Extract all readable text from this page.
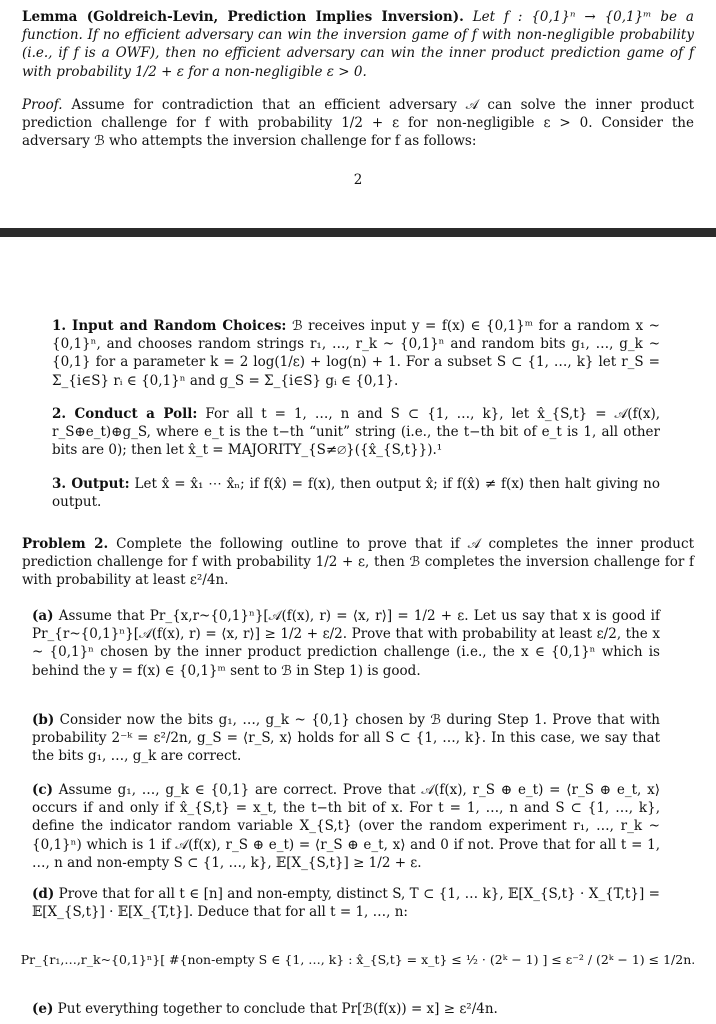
Lemma (Goldreich-Levin, Prediction Implies Inversion). Let f : {0,1}ⁿ → {0,1}ᵐ be a function. If no efficient adversary can win the inversion game of f with non-negligible probability (i.e., if f is a OWF), then no efficient adversary can win the inner product prediction game of f with probability 1/2 + ε for a non-negligible ε > 0.

Proof. Assume for contradiction that an efficient adversary 𝒜 can solve the inner product prediction challenge for f with probability 1/2 + ε for non-negligible ε > 0. Consider the adversary ℬ who attempts the inversion challenge for f as follows:

2

1. Input and Random Choices: ℬ receives input y = f(x) ∈ {0,1}ᵐ for a random x ~ {0,1}ⁿ, and chooses random strings r₁, …, r_k ~ {0,1}ⁿ and random bits g₁, …, g_k ~ {0,1} for a parameter k = 2 log(1/ε) + log(n) + 1. For a subset S ⊂ {1, …, k} let r_S = Σ_{i∈S} rᵢ ∈ {0,1}ⁿ and g_S = Σ_{i∈S} gᵢ ∈ {0,1}.

2. Conduct a Poll: For all t = 1, …, n and S ⊂ {1, …, k}, let x̂_{S,t} = 𝒜(f(x), r_S⊕e_t)⊕g_S, where e_t is the t−th “unit” string (i.e., the t−th bit of e_t is 1, all other bits are 0); then let x̂_t = MAJORITY_{S≠∅}({x̂_{S,t}}).¹

3. Output: Let x̂ = x̂₁ ⋯ x̂ₙ; if f(x̂) = f(x), then output x̂; if f(x̂) ≠ f(x) then halt giving no output.

Problem 2. Complete the following outline to prove that if 𝒜 completes the inner product prediction challenge for f with probability 1/2 + ε, then ℬ completes the inversion challenge for f with probability at least ε²/4n.

(a) Assume that Pr_{x,r~{0,1}ⁿ}[𝒜(f(x), r) = ⟨x, r⟩] = 1/2 + ε. Let us say that x is good if Pr_{r~{0,1}ⁿ}[𝒜(f(x), r) = ⟨x, r⟩] ≥ 1/2 + ε/2. Prove that with probability at least ε/2, the x ~ {0,1}ⁿ chosen by the inner product prediction challenge (i.e., the x ∈ {0,1}ⁿ which is behind the y = f(x) ∈ {0,1}ᵐ sent to ℬ in Step 1) is good.

(b) Consider now the bits g₁, …, g_k ~ {0,1} chosen by ℬ during Step 1. Prove that with probability 2⁻ᵏ = ε²/2n, g_S = ⟨r_S, x⟩ holds for all S ⊂ {1, …, k}. In this case, we say that the bits g₁, …, g_k are correct.

(c) Assume g₁, …, g_k ∈ {0,1} are correct. Prove that 𝒜(f(x), r_S ⊕ e_t) = ⟨r_S ⊕ e_t, x⟩ occurs if and only if x̂_{S,t} = x_t, the t−th bit of x. For t = 1, …, n and S ⊂ {1, …, k}, define the indicator random variable X_{S,t} (over the random experiment r₁, …, r_k ~ {0,1}ⁿ) which is 1 if 𝒜(f(x), r_S ⊕ e_t) = ⟨r_S ⊕ e_t, x⟩ and 0 if not. Prove that for all t = 1, …, n and non-empty S ⊂ {1, …, k}, 𝔼[X_{S,t}] ≥ 1/2 + ε.

(d) Prove that for all t ∈ [n] and non-empty, distinct S, T ⊂ {1, … k}, 𝔼[X_{S,t} · X_{T,t}] = 𝔼[X_{S,t}] · 𝔼[X_{T,t}]. Deduce that for all t = 1, …, n:

Pr_{r₁,…,r_k~{0,1}ⁿ}[ #{non-empty S ∈ {1, …, k} : x̂_{S,t} = x_t} ≤ ½ · (2ᵏ − 1) ] ≤ ε⁻² / (2ᵏ − 1) ≤ 1/2n.

(e) Put everything together to conclude that Pr[ℬ(f(x)) = x] ≥ ε²/4n.
